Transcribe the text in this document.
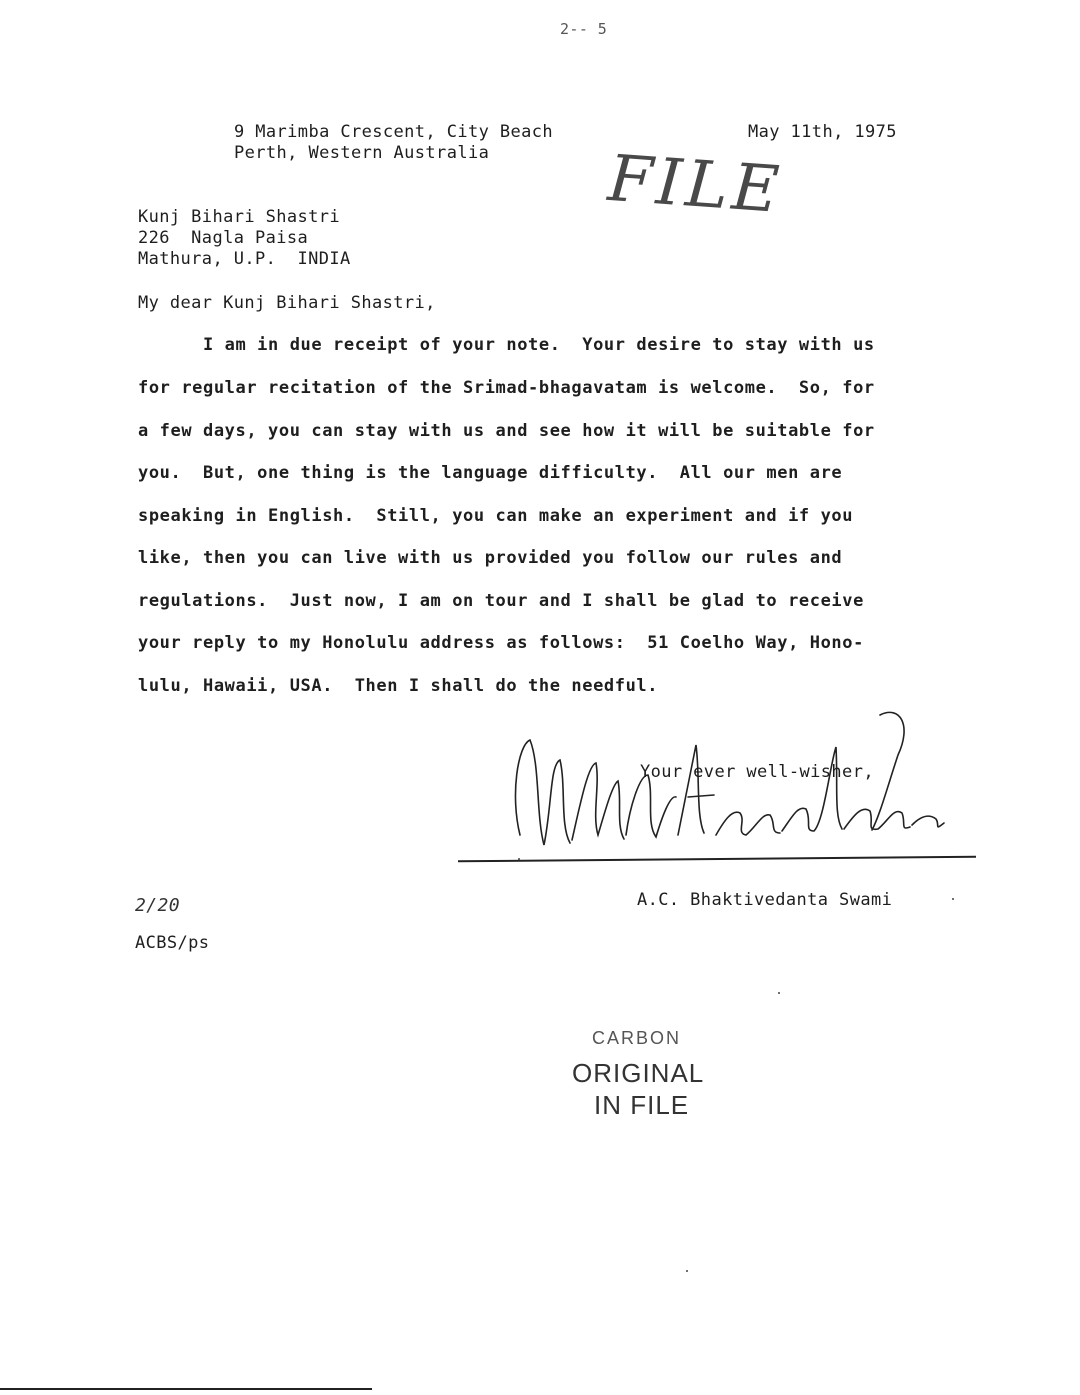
2-- 5
9 Marimba Crescent, City Beach
Perth, Western Australia
May 11th, 1975
FILE
Kunj Bihari Shastri
226  Nagla Paisa
Mathura, U.P.  INDIA
My dear Kunj Bihari Shastri,
I am in due receipt of your note.  Your desire to stay with us
for regular recitation of the Srimad-bhagavatam is welcome.  So, for
a few days, you can stay with us and see how it will be suitable for
you.  But, one thing is the language difficulty.  All our men are
speaking in English.  Still, you can make an experiment and if you
like, then you can live with us provided you follow our rules and
regulations.  Just now, I am on tour and I shall be glad to receive
your reply to my Honolulu address as follows:  51 Coelho Way, Hono-
lulu, Hawaii, USA.  Then I shall do the needful.
Your ever well-wisher,
A.C. Bhaktivedanta Swami
2/20
ACBS/ps
CARBON
ORIGINAL
IN FILE
